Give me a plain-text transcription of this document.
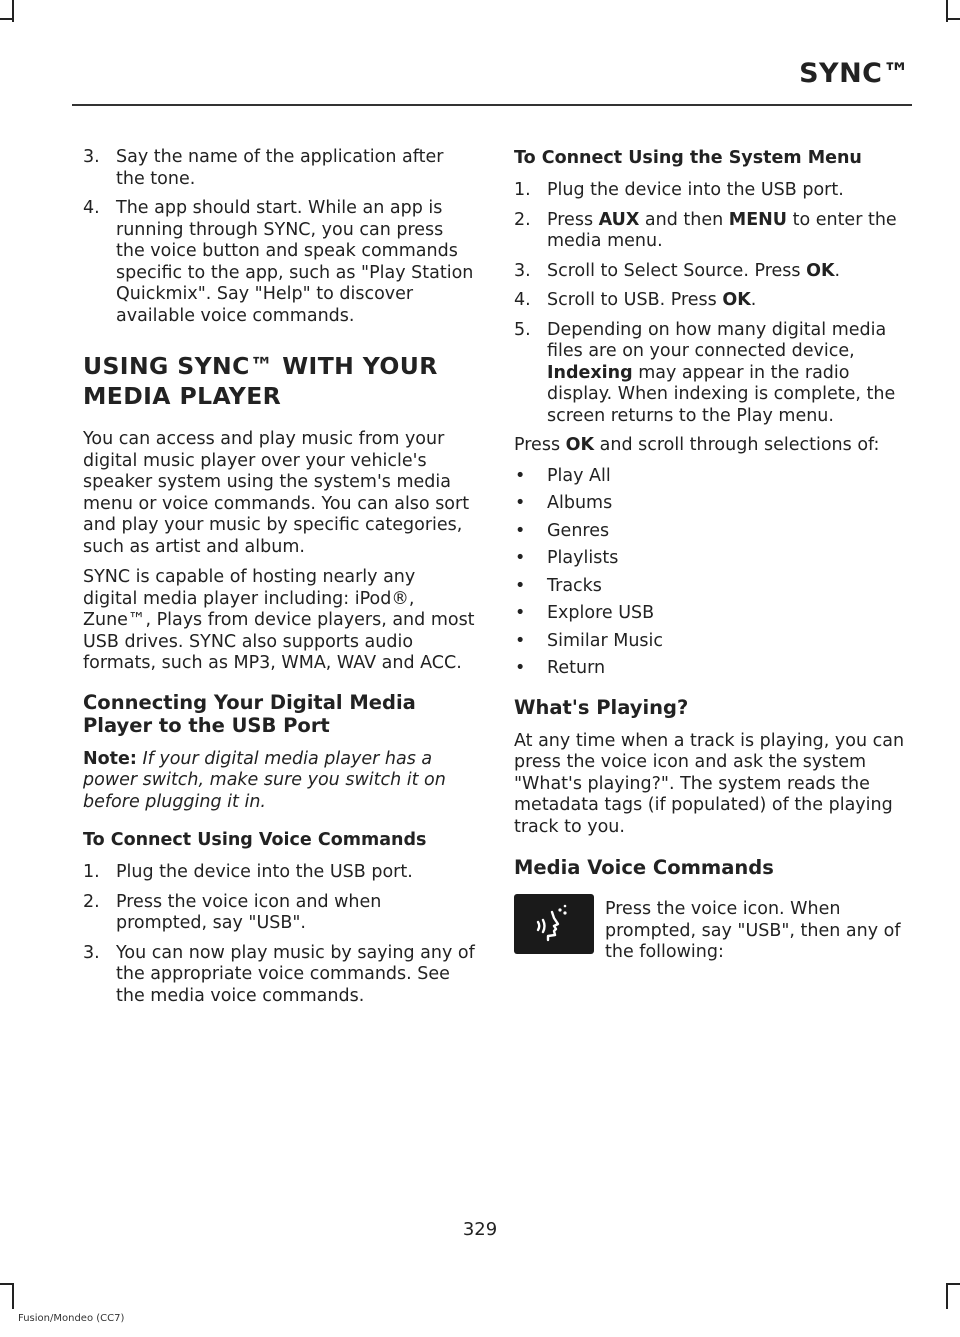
SYNC™
3. Say the name of the application after the tone.
4. The app should start. While an app is running through SYNC, you can press the voice button and speak commands specific to the app, such as "Play Station Quickmix". Say "Help" to discover available voice commands.
USING SYNC™ WITH YOUR
MEDIA PLAYER

You can access and play music from your digital music player over your vehicle's speaker system using the system's media menu or voice commands. You can also sort and play your music by specific categories, such as artist and album.

SYNC is capable of hosting nearly any digital media player including: iPod®, Zune™, Plays from device players, and most USB drives. SYNC also supports audio formats, such as MP3, WMA, WAV and ACC.

Connecting Your Digital Media Player to the USB Port

Note: If your digital media player has a power switch, make sure you switch it on before plugging it in.

To Connect Using Voice Commands
1. Plug the device into the USB port.
2. Press the voice icon and when prompted, say "USB".
3. You can now play music by saying any of the appropriate voice commands. See the media voice commands.
To Connect Using the System Menu
1. Plug the device into the USB port.
2. Press AUX and then MENU to enter the media menu.
3. Scroll to Select Source. Press OK.
4. Scroll to USB. Press OK.
5. Depending on how many digital media files are on your connected device, Indexing may appear in the radio display. When indexing is complete, the screen returns to the Play menu.

Press OK and scroll through selections of:

• Play All
• Albums
• Genres
• Playlists
• Tracks
• Explore USB
• Similar Music
• Return
What's Playing?

At any time when a track is playing, you can press the voice icon and ask the system "What's playing?". The system reads the metadata tags (if populated) of the playing track to you.

Media Voice Commands
Press the voice icon. When prompted, say "USB", then any of the following:
329
Fusion/Mondeo (CC7)
